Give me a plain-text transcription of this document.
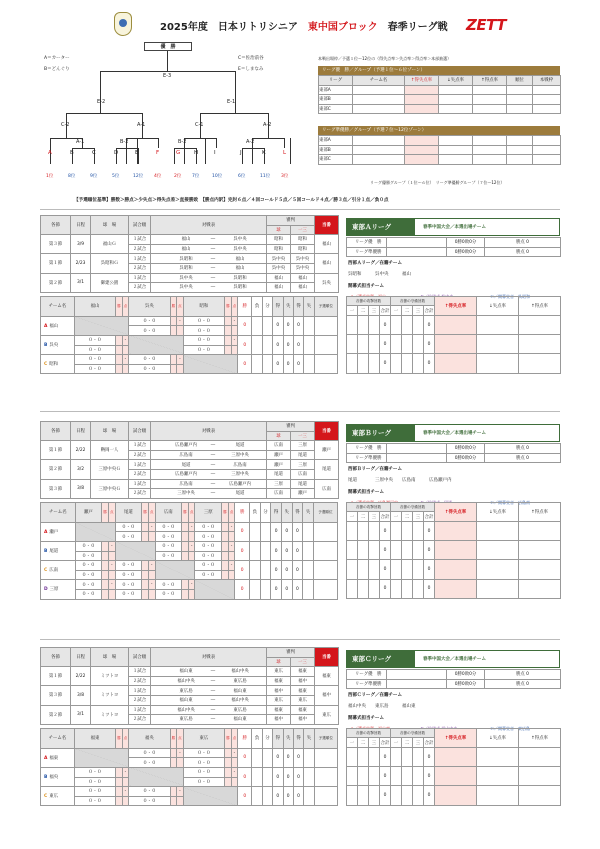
2025年度　日本リトリシニア　東中国ブロック　春季リーグ戦 ZETT
優　勝
E-3
E-2	E-1
C-2	A-1	C-1	A-2
A-1	B-2	B-2	A-2
A
1位
B
8位
C
9位
D
5位
E
12位
F
4位
G
2位
H
7位
I
10位
J
6位
K
11位
L
3位
A＝カーター
B＝どんぐり
C＝佐治前谷
E＝しまなみ
本戦出場枠／予選１位〜12位の（得失点率＞失点率＞得点率＞本部抽選）
リーグ優　勝／グループ（予選１位〜６位ゾーン）
リーグ	チーム名	↑得失点率	↓失点率	↑得点率	順位	本戦枠
東部A						
東部B						
東部C						
リーグ準優勝／グループ（予選７位〜12位ゾーン）
東部A						
東部B						
東部C						
リーグ優勝グループ（１位〜６位）　リーグ準優勝グループ（７位〜12位）
【予選順位基準】勝数＞勝点＞少失点＞得失点差＞直接勝敗　【勝点内訳】完封６点／４回コールド５点／５回コールド４点／勝３点／引分１点／負０点
各節	日程	球　場	試合順	対戦表	審判		当番
					球	一三	
第３節	3/9	福山Ｇ	１試合	福山 ― 呉中央	昭和	昭和	福山
			２試合	福山 ― 呉中央	昭和	昭和	
第１節	2/23	呉昭和Ｇ	１試合	呉昭和 ― 福山	呉中央	呉中央	福山
			２試合	呉昭和 ― 福山	呉中央	呉中央	
第２節	3/1	御建公園	１試合	呉中央 ― 呉昭和	福山	福山	呉央
			２試合	呉中央 ― 呉昭和	福山	福山	
チーム名	福山	勝	点	呉央	勝	点	昭和	勝	点	勝	負	分	得	失	得	失	予選順位
A 福山				０ - ０		-	０ - ０		-	0			0	0	0		
				０ - ０			０ - ０										
B 呉央	０ - ０		-				０ - ０		-	0			0	0	0		
	０ - ０						０ - ０										
C 昭和	０ - ０		-	０ - ０		-				0			0	0	0		
	０ - ０			０ - ０													
東部Ａリーグ	春季中国大会／本選出場チーム
リーグ優　勝		0勝0敗0分	勝点 0
リーグ準優勝		0勝0敗0分	勝点 0
西部Ａリーグ／在籍チーム
呉昭和	呉中央	福山
開幕式担当チーム
Ｃ／開幕宣言　呉昭和
各節の攻撃回数				各節の守備回数				↑得失点率	↓失点率	↑得点率
一	二	三	合計	一	二	三	合計			
			0				0			
			0				0			
			0				0			
各節	日程	球　場	試合順	対戦表	審判		当番
					球	一三	
第１節	2/22	鞆岡一人	１試合	広島瀬戸内 ― 尾道	広南	三原	瀬戸
			２試合	広島南 ― 三原中央	瀬戸	尾道	
第２節	3/2	三原中央Ｇ	１試合	尾道 ― 広島南	瀬戸	三原	尾道
			２試合	広島瀬戸内 ― 三原中央	尾道	広南	
第３節	3/8	三原中央Ｇ	１試合	広島南 ― 広島瀬戸内	三原	尾道	広南
			２試合	三原中央 ― 尾道	広南	瀬戸	
チーム名	瀬戸	勝	点	尾道	勝	点	広南	勝	点	三原	勝	点	勝	負	分	得	失	得	失	予選順位
A 瀬戸				０ - ０		-	０ - ０		-	０ - ０		-	0			0	0	0		
				０ - ０			０ - ０			０ - ０										
B 尾道	０ - ０		-				０ - ０		-	０ - ０		-	0			0	0	0		
	０ - ０						０ - ０			０ - ０										
C 広南	０ - ０		-	０ - ０		-				０ - ０		-	0			0	0	0		
	０ - ０			０ - ０						０ - ０										
D 三原	０ - ０		-	０ - ０		-	０ - ０		-				0			0	0	0		
	０ - ０			０ - ０			０ - ０													
東部Ｂリーグ	春季中国大会／本選出場チーム
リーグ優　勝		0勝0敗0分	勝点 0
リーグ準優勝		0勝0敗0分	勝点 0
西部Ｂリーグ／在籍チーム
尾道	三原中央 広島南	広島瀬戸内
開幕式担当チーム
Ｃ／開幕宣言　広島南
各節の攻撃回数				各節の守備回数				↑得失点率	↓失点率	↑得点率
一	二	三	合計	一	二	三	合計			
			0				0			
			0				0			
			0				0			
			0				0			
各節	日程	球　場	試合順	対戦表	審判		当番
					球	一三	
第１節	2/22	ミツトヨ	１試合	福山東 ― 福山中央	東広	福東	福東
			２試合	福山中央 ― 東広島	福東	福中	
第３節	3/8	ミツトヨ	１試合	東広島 ― 福山東	福中	福東	福中
			２試合	福山東 ― 福山中央	東広	東広	
第２節	3/1	ミツトヨ	１試合	福山中央 ― 東広島	福東	福東	東広
			２試合	東広島 ― 福山東	福中	福中	
チーム名	福東	勝	点	福央	勝	点	東広	勝	点	勝	負	分	得	失	得	失	予選順位
A 福東				０ - ０		-	０ - ０		-	0			0	0	0		
				０ - ０			０ - ０										
B 福央	０ - ０		-				０ - ０		-	0			0	0	0		
	０ - ０						０ - ０										
C 東広	０ - ０		-	０ - ０		-				0			0	0	0		
	０ - ０			０ - ０													
東部Ｃリーグ	春季中国大会／本選出場チーム
リーグ優　勝		0勝0敗0分	勝点 0
リーグ準優勝		0勝0敗0分	勝点 0
西部Ｃリーグ／在籍チーム
福山中央 東広島	福山東
開幕式担当チーム
Ｃ／開幕宣言　東広島
各節の攻撃回数				各節の守備回数				↑得失点率	↓失点率	↑得点率
一	二	三	合計	一	二	三	合計			
			0				0			
			0				0			
			0				0			
